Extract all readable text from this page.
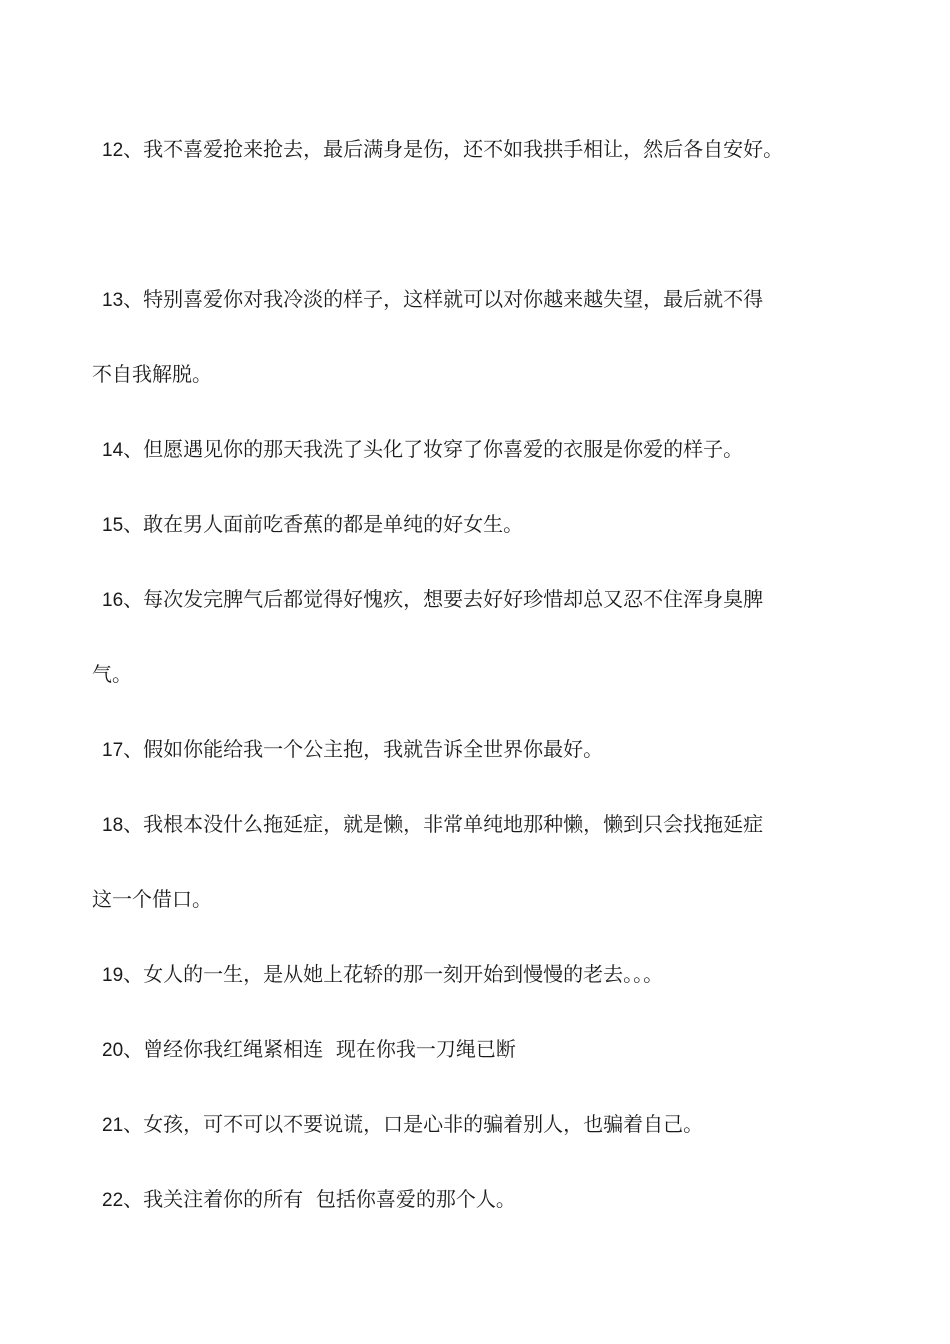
12、我不喜爱抢来抢去，最后满身是伤，还不如我拱手相让，然后各自安好。

13、特别喜爱你对我冷淡的样子，这样就可以对你越来越失望，最后就不得
不自我解脱。

14、但愿遇见你的那天我洗了头化了妆穿了你喜爱的衣服是你爱的样子。

15、敢在男人面前吃香蕉的都是单纯的好女生。

16、每次发完脾气后都觉得好愧疚，想要去好好珍惜却总又忍不住浑身臭脾
气。

17、假如你能给我一个公主抱，我就告诉全世界你最好。

18、我根本没什么拖延症，就是懒，非常单纯地那种懒，懒到只会找拖延症
这一个借口。

19、女人的一生，是从她上花轿的那一刻开始到慢慢的老去。。。

20、曾经你我红绳紧相连  现在你我一刀绳已断

21、女孩，可不可以不要说谎，口是心非的骗着别人，也骗着自己。

22、我关注着你的所有  包括你喜爱的那个人。
